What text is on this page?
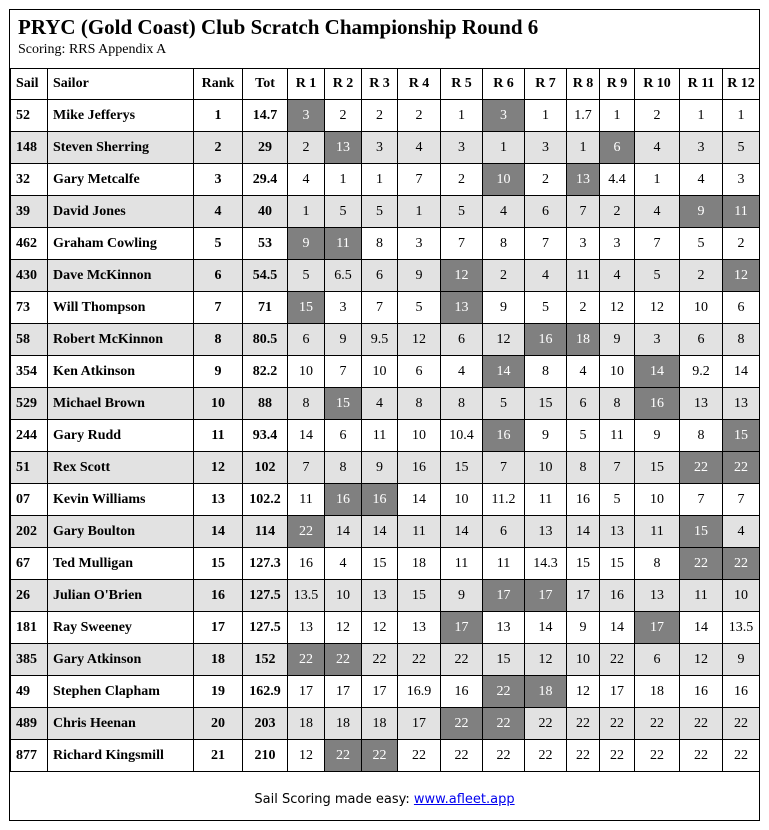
PRYC (Gold Coast) Club Scratch Championship Round 6
Scoring: RRS Appendix A
Sail	Sailor	Rank	Tot	R 1	R 2	R 3	R 4	R 5	R 6	R 7	R 8	R 9	R 10	R 11	R 12
52	Mike Jefferys	1	14.7	3	2	2	2	1	3	1	1.7	1	2	1	1
148	Steven Sherring	2	29	2	13	3	4	3	1	3	1	6	4	3	5
32	Gary Metcalfe	3	29.4	4	1	1	7	2	10	2	13	4.4	1	4	3
39	David Jones	4	40	1	5	5	1	5	4	6	7	2	4	9	11
462	Graham Cowling	5	53	9	11	8	3	7	8	7	3	3	7	5	2
430	Dave McKinnon	6	54.5	5	6.5	6	9	12	2	4	11	4	5	2	12
73	Will Thompson	7	71	15	3	7	5	13	9	5	2	12	12	10	6
58	Robert McKinnon	8	80.5	6	9	9.5	12	6	12	16	18	9	3	6	8
354	Ken Atkinson	9	82.2	10	7	10	6	4	14	8	4	10	14	9.2	14
529	Michael Brown	10	88	8	15	4	8	8	5	15	6	8	16	13	13
244	Gary Rudd	11	93.4	14	6	11	10	10.4	16	9	5	11	9	8	15
51	Rex Scott	12	102	7	8	9	16	15	7	10	8	7	15	22	22
07	Kevin Williams	13	102.2	11	16	16	14	10	11.2	11	16	5	10	7	7
202	Gary Boulton	14	114	22	14	14	11	14	6	13	14	13	11	15	4
67	Ted Mulligan	15	127.3	16	4	15	18	11	11	14.3	15	15	8	22	22
26	Julian O'Brien	16	127.5	13.5	10	13	15	9	17	17	17	16	13	11	10
181	Ray Sweeney	17	127.5	13	12	12	13	17	13	14	9	14	17	14	13.5
385	Gary Atkinson	18	152	22	22	22	22	22	15	12	10	22	6	12	9
49	Stephen Clapham	19	162.9	17	17	17	16.9	16	22	18	12	17	18	16	16
489	Chris Heenan	20	203	18	18	18	17	22	22	22	22	22	22	22	22
877	Richard Kingsmill	21	210	12	22	22	22	22	22	22	22	22	22	22	22
Sail Scoring made easy: www.afleet.app
